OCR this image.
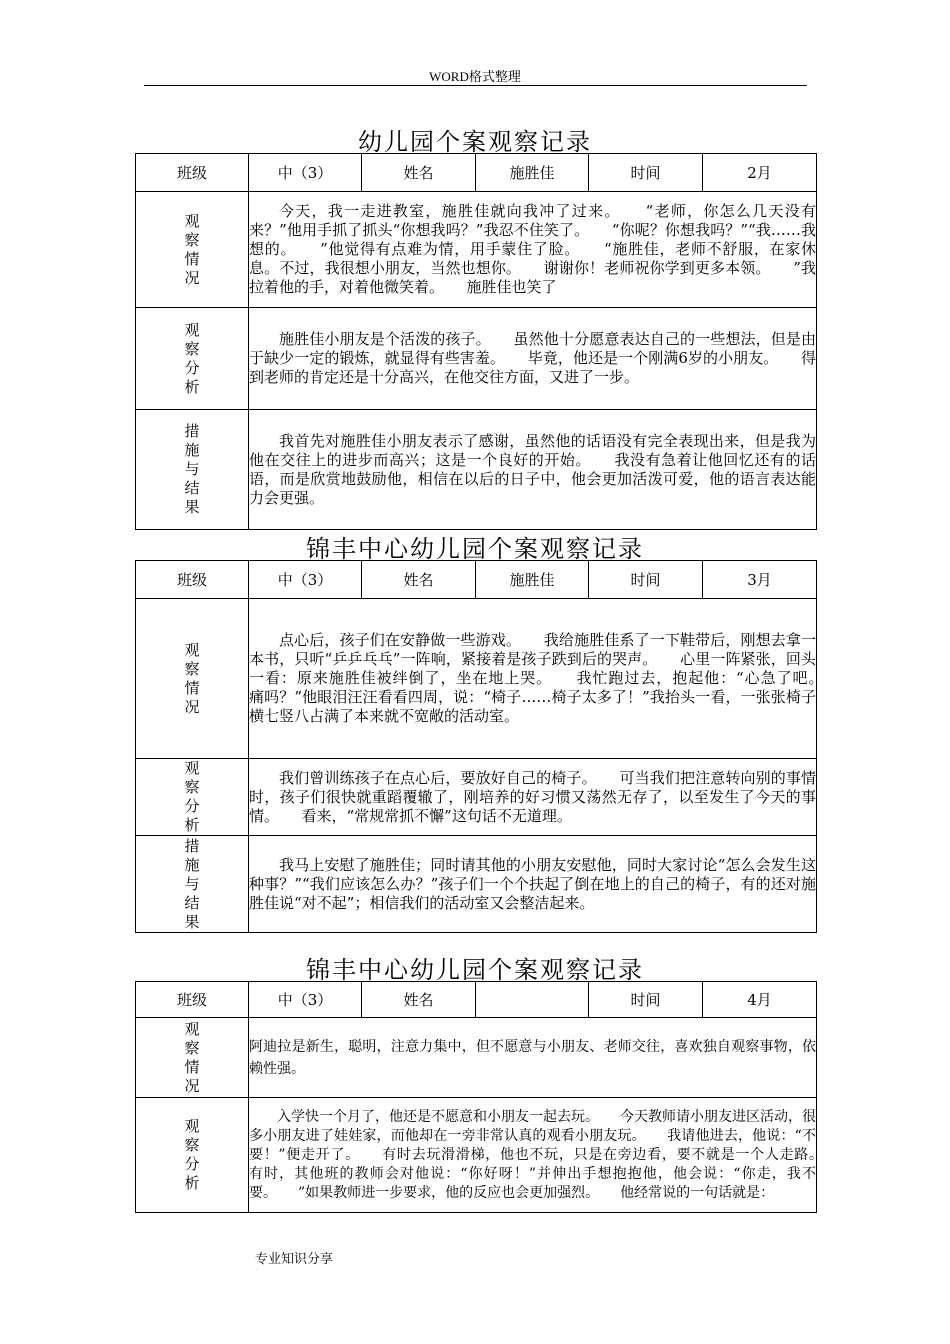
WORD格式整理
幼儿园个案观察记录
班级	中（3）	姓名	施胜佳	时间	2月

观
察
情
况	今天，我一走进教室，施胜佳就向我冲了过来。　　“老师，你怎么几天没有来？”他用手抓了抓头“你想我吗？”我忍不住笑了。　　“你呢？你想我吗？”“我……我想的。　　”他觉得有点难为情，用手蒙住了脸。　　“施胜佳，老师不舒服，在家休息。不过，我很想小朋友，当然也想你。　　谢谢你！老师祝你学到更多本领。　　”我拉着他的手，对着他微笑着。　　施胜佳也笑了				

观
察
分
析	施胜佳小朋友是个活泼的孩子。　　虽然他十分愿意表达自己的一些想法，但是由于缺少一定的锻炼，就显得有些害羞。　　毕竟，他还是一个刚满6岁的小朋友。　　得到老师的肯定还是十分高兴，在他交往方面，又进了一步。				

措
施
与
结
果	我首先对施胜佳小朋友表示了感谢，虽然他的话语没有完全表现出来，但是我为他在交往上的进步而高兴；这是一个良好的开始。　　我没有急着让他回忆还有的话语，而是欣赏地鼓励他，相信在以后的日子中，他会更加活泼可爱，他的语言表达能力会更强。				
锦丰中心幼儿园个案观察记录
班级	中（3）	姓名	施胜佳	时间	3月

观
察
情
况	点心后，孩子们在安静做一些游戏。　　我给施胜佳系了一下鞋带后，刚想去拿一本书，只听“乒乒乓乓”一阵响，紧接着是孩子跌到后的哭声。　　心里一阵紧张，回头一看：原来施胜佳被绊倒了，坐在地上哭。　　我忙跑过去，抱起他：“心急了吧。　　痛吗？”他眼泪汪汪看看四周，说：“椅子……椅子太多了！”我抬头一看，一张张椅子横七竖八占满了本来就不宽敞的活动室。				

观
察
分
析	我们曾训练孩子在点心后，要放好自己的椅子。　　可当我们把注意转向别的事情时，孩子们很快就重蹈覆辙了，刚培养的好习惯又荡然无存了，以至发生了今天的事情。　　看来，“常规常抓不懈”这句话不无道理。				

措
施
与
结
果	我马上安慰了施胜佳；同时请其他的小朋友安慰他，同时大家讨论“怎么会发生这种事？”“我们应该怎么办？”孩子们一个个扶起了倒在地上的自己的椅子，有的还对施胜佳说“对不起”；相信我们的活动室又会整洁起来。				
锦丰中心幼儿园个案观察记录
班级	中（3）	姓名		时间	4月

观
察
情
况	阿迪拉是新生，聪明，注意力集中，但不愿意与小朋友、老师交往，喜欢独自观察事物，依赖性强。				

观
察
分
析	入学快一个月了，他还是不愿意和小朋友一起去玩。　　今天教师请小朋友进区活动，很多小朋友进了娃娃家，而他却在一旁非常认真的观看小朋友玩。　　我请他进去，他说：“不要！”便走开了。　　有时去玩滑滑梯，他也不玩，只是在旁边看，要不就是一个人走路。　　有时，其他班的教师会对他说：“你好呀！”并伸出手想抱抱他，他会说：“你走，我不要。　　”如果教师进一步要求，他的反应也会更加强烈。　　他经常说的一句话就是：				
专业知识分享
